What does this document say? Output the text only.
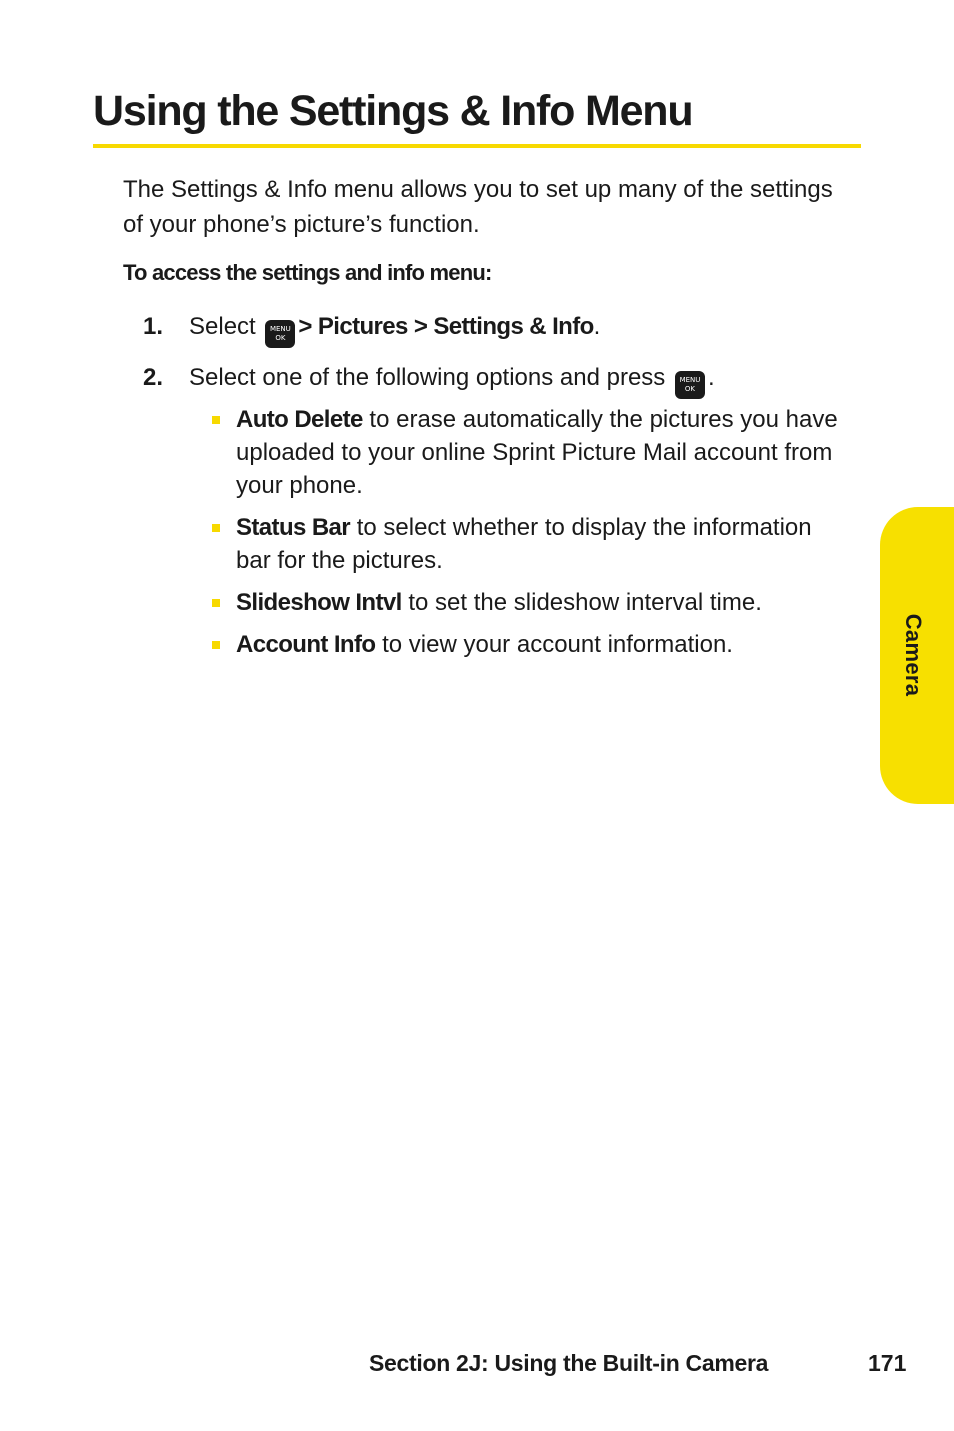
Using the Settings & Info Menu

The Settings & Info menu allows you to set up many of the settings of your phone’s picture’s function.

To access the settings and info menu:

1. Select	MENU
OK > Pictures > Settings & Info.
2. Select one of the following options and press	MENU
OK .
Auto Delete to erase automatically the pictures you have uploaded to your online Sprint Picture Mail account from your phone.
Status Bar to select whether to display the information bar for the pictures.
Slideshow Intvl to set the slideshow interval time.
Account Info to view your account information.	Camera
Section 2J: Using the Built-in Camera	171
